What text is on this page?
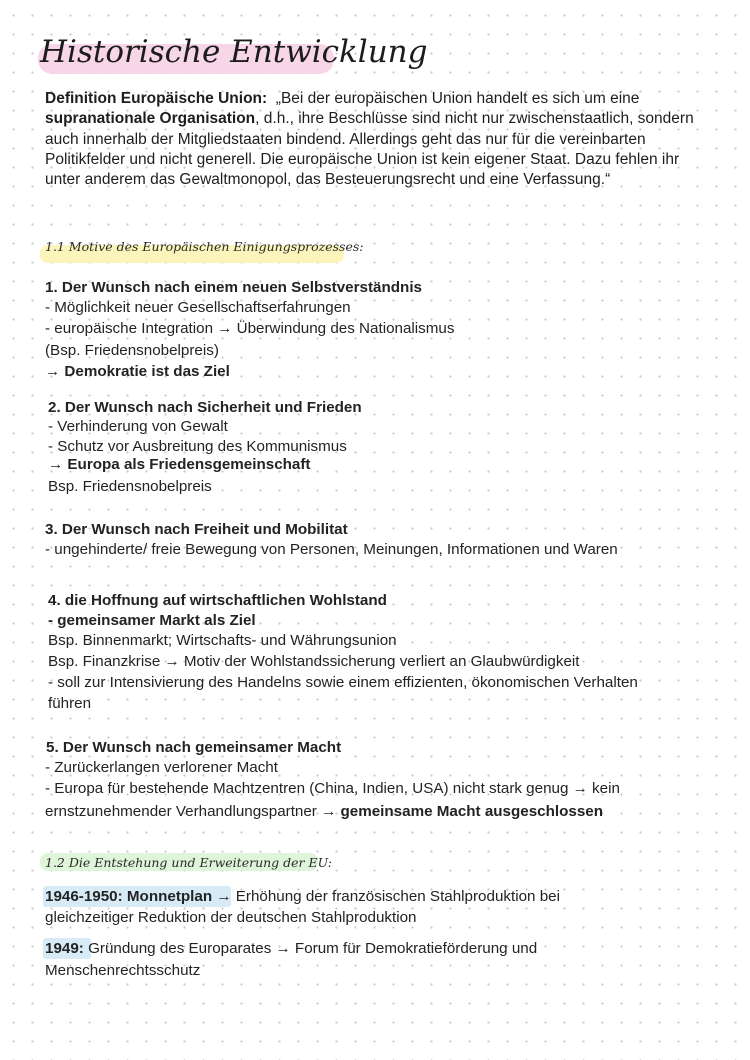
Historische Entwicklung
Definition Europäische Union: „Bei der europäischen Union handelt es sich um eine supranationale Organisation, d.h., ihre Beschlüsse sind nicht nur zwischenstaatlich, sondern auch innerhalb der Mitgliedstaaten bindend. Allerdings geht das nur für die vereinbarten Politikfelder und nicht generell. Die europäische Union ist kein eigener Staat. Dazu fehlen ihr unter anderem das Gewaltmonopol, das Besteuerungsrecht und eine Verfassung.“
1.1 Motive des Europäischen Einigungsprozesses:
1. Der Wunsch nach einem neuen Selbstverständnis
- Möglichkeit neuer Gesellschaftserfahrungen
- europäische Integration → Überwindung des Nationalismus
(Bsp. Friedensnobelpreis)
→ Demokratie ist das Ziel
2. Der Wunsch nach Sicherheit und Frieden
- Verhinderung von Gewalt
- Schutz vor Ausbreitung des Kommunismus
→ Europa als Friedensgemeinschaft
Bsp. Friedensnobelpreis
3. Der Wunsch nach Freiheit und Mobilitat
- ungehinderte/ freie Bewegung von Personen, Meinungen, Informationen und Waren
4. die Hoffnung auf wirtschaftlichen Wohlstand
- gemeinsamer Markt als Ziel
Bsp. Binnenmarkt; Wirtschafts- und Währungsunion
Bsp. Finanzkrise → Motiv der Wohlstandssicherung verliert an Glaubwürdigkeit
- soll zur Intensivierung des Handelns sowie einem effizienten, ökonomischen Verhalten
führen
5. Der Wunsch nach gemeinsamer Macht
- Zurückerlangen verlorener Macht
- Europa für bestehende Machtzentren (China, Indien, USA) nicht stark genug → kein
ernstzunehmender Verhandlungspartner → gemeinsame Macht ausgeschlossen
1.2 Die Entstehung und Erweiterung der EU:
1946-1950: Monnetplan → Erhöhung der französischen Stahlproduktion bei
gleichzeitiger Reduktion der deutschen Stahlproduktion
1949: Gründung des Europarates → Forum für Demokratieförderung und
Menschenrechtsschutz
